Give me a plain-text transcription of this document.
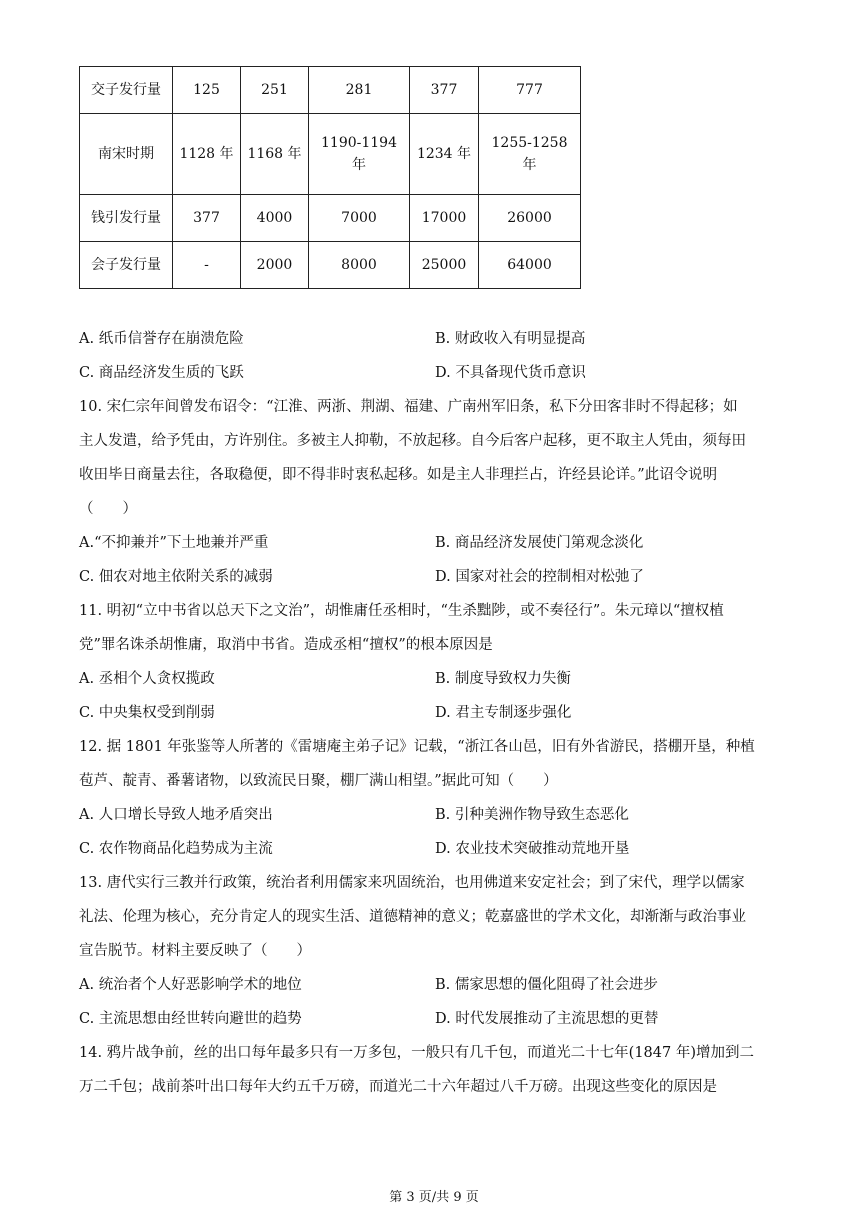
交子发行量	125	251	281	377	777
南宋时期	1128 年	1168 年	1190-1194 年	1234 年	1255-1258 年
钱引发行量	377	4000	7000	17000	26000
会子发行量	-	2000	8000	25000	64000
A. 纸币信誉存在崩溃危险	B. 财政收入有明显提高
C. 商品经济发生质的飞跃	D. 不具备现代货币意识
10. 宋仁宗年间曾发布诏令：“江淮、两浙、荆湖、福建、广南州军旧条，私下分田客非时不得起移；如
主人发遣，给予凭由，方许别住。多被主人抑勒，不放起移。自今后客户起移，更不取主人凭由，须每田
收田毕日商量去往，各取稳便，即不得非时衷私起移。如是主人非理拦占，许经县论详。”此诏令说明
（　　）
A.“不抑兼并”下土地兼并严重	B. 商品经济发展使门第观念淡化
C. 佃农对地主依附关系的减弱	D. 国家对社会的控制相对松弛了
11. 明初“立中书省以总天下之文治”，胡惟庸任丞相时，“生杀黜陟，或不奏径行”。朱元璋以“擅权植
党”罪名诛杀胡惟庸，取消中书省。造成丞相“擅权”的根本原因是
A. 丞相个人贪权揽政	B. 制度导致权力失衡
C. 中央集权受到削弱	D. 君主专制逐步强化
12. 据 1801 年张鉴等人所著的《雷塘庵主弟子记》记载，“浙江各山邑，旧有外省游民，搭棚开垦，种植
苞芦、靛青、番薯诸物，以致流民日聚，棚厂满山相望。”据此可知（　　）
A. 人口增长导致人地矛盾突出	B. 引种美洲作物导致生态恶化
C. 农作物商品化趋势成为主流	D. 农业技术突破推动荒地开垦
13. 唐代实行三教并行政策，统治者利用儒家来巩固统治，也用佛道来安定社会；到了宋代，理学以儒家
礼法、伦理为核心，充分肯定人的现实生活、道德精神的意义；乾嘉盛世的学术文化，却渐渐与政治事业
宣告脱节。材料主要反映了（　　）
A. 统治者个人好恶影响学术的地位	B. 儒家思想的僵化阻碍了社会进步
C. 主流思想由经世转向避世的趋势	D. 时代发展推动了主流思想的更替
14. 鸦片战争前，丝的出口每年最多只有一万多包，一般只有几千包，而道光二十七年(1847 年)增加到二
万二千包；战前茶叶出口每年大约五千万磅，而道光二十六年超过八千万磅。出现这些变化的原因是
第 3 页/共 9 页
